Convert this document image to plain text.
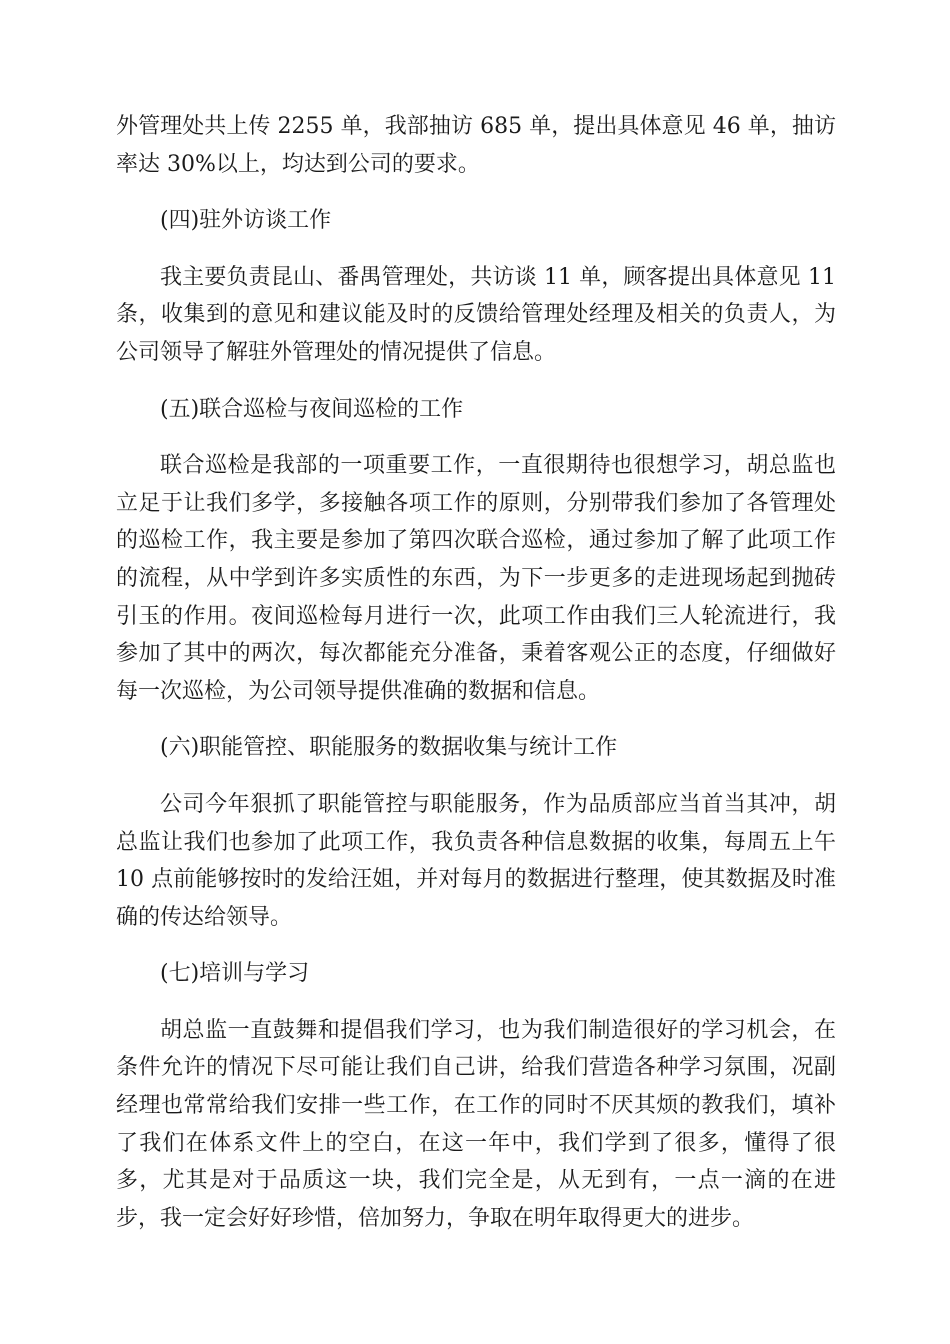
外管理处共上传 2255 单，我部抽访 685 单，提出具体意见 46 单，抽访率达 30%以上，均达到公司的要求。

(四)驻外访谈工作

我主要负责昆山、番禺管理处，共访谈 11 单，顾客提出具体意见 11 条，收集到的意见和建议能及时的反馈给管理处经理及相关的负责人，为公司领导了解驻外管理处的情况提供了信息。

(五)联合巡检与夜间巡检的工作

联合巡检是我部的一项重要工作，一直很期待也很想学习，胡总监也立足于让我们多学，多接触各项工作的原则，分别带我们参加了各管理处的巡检工作，我主要是参加了第四次联合巡检，通过参加了解了此项工作的流程，从中学到许多实质性的东西，为下一步更多的走进现场起到抛砖引玉的作用。夜间巡检每月进行一次，此项工作由我们三人轮流进行，我参加了其中的两次，每次都能充分准备，秉着客观公正的态度，仔细做好每一次巡检，为公司领导提供准确的数据和信息。

(六)职能管控、职能服务的数据收集与统计工作

公司今年狠抓了职能管控与职能服务，作为品质部应当首当其冲，胡总监让我们也参加了此项工作，我负责各种信息数据的收集，每周五上午 10 点前能够按时的发给汪姐，并对每月的数据进行整理，使其数据及时准确的传达给领导。

(七)培训与学习

胡总监一直鼓舞和提倡我们学习，也为我们制造很好的学习机会，在条件允许的情况下尽可能让我们自己讲，给我们营造各种学习氛围，况副经理也常常给我们安排一些工作，在工作的同时不厌其烦的教我们，填补了我们在体系文件上的空白，在这一年中，我们学到了很多，懂得了很多，尤其是对于品质这一块，我们完全是，从无到有，一点一滴的在进步，我一定会好好珍惜，倍加努力，争取在明年取得更大的进步。
